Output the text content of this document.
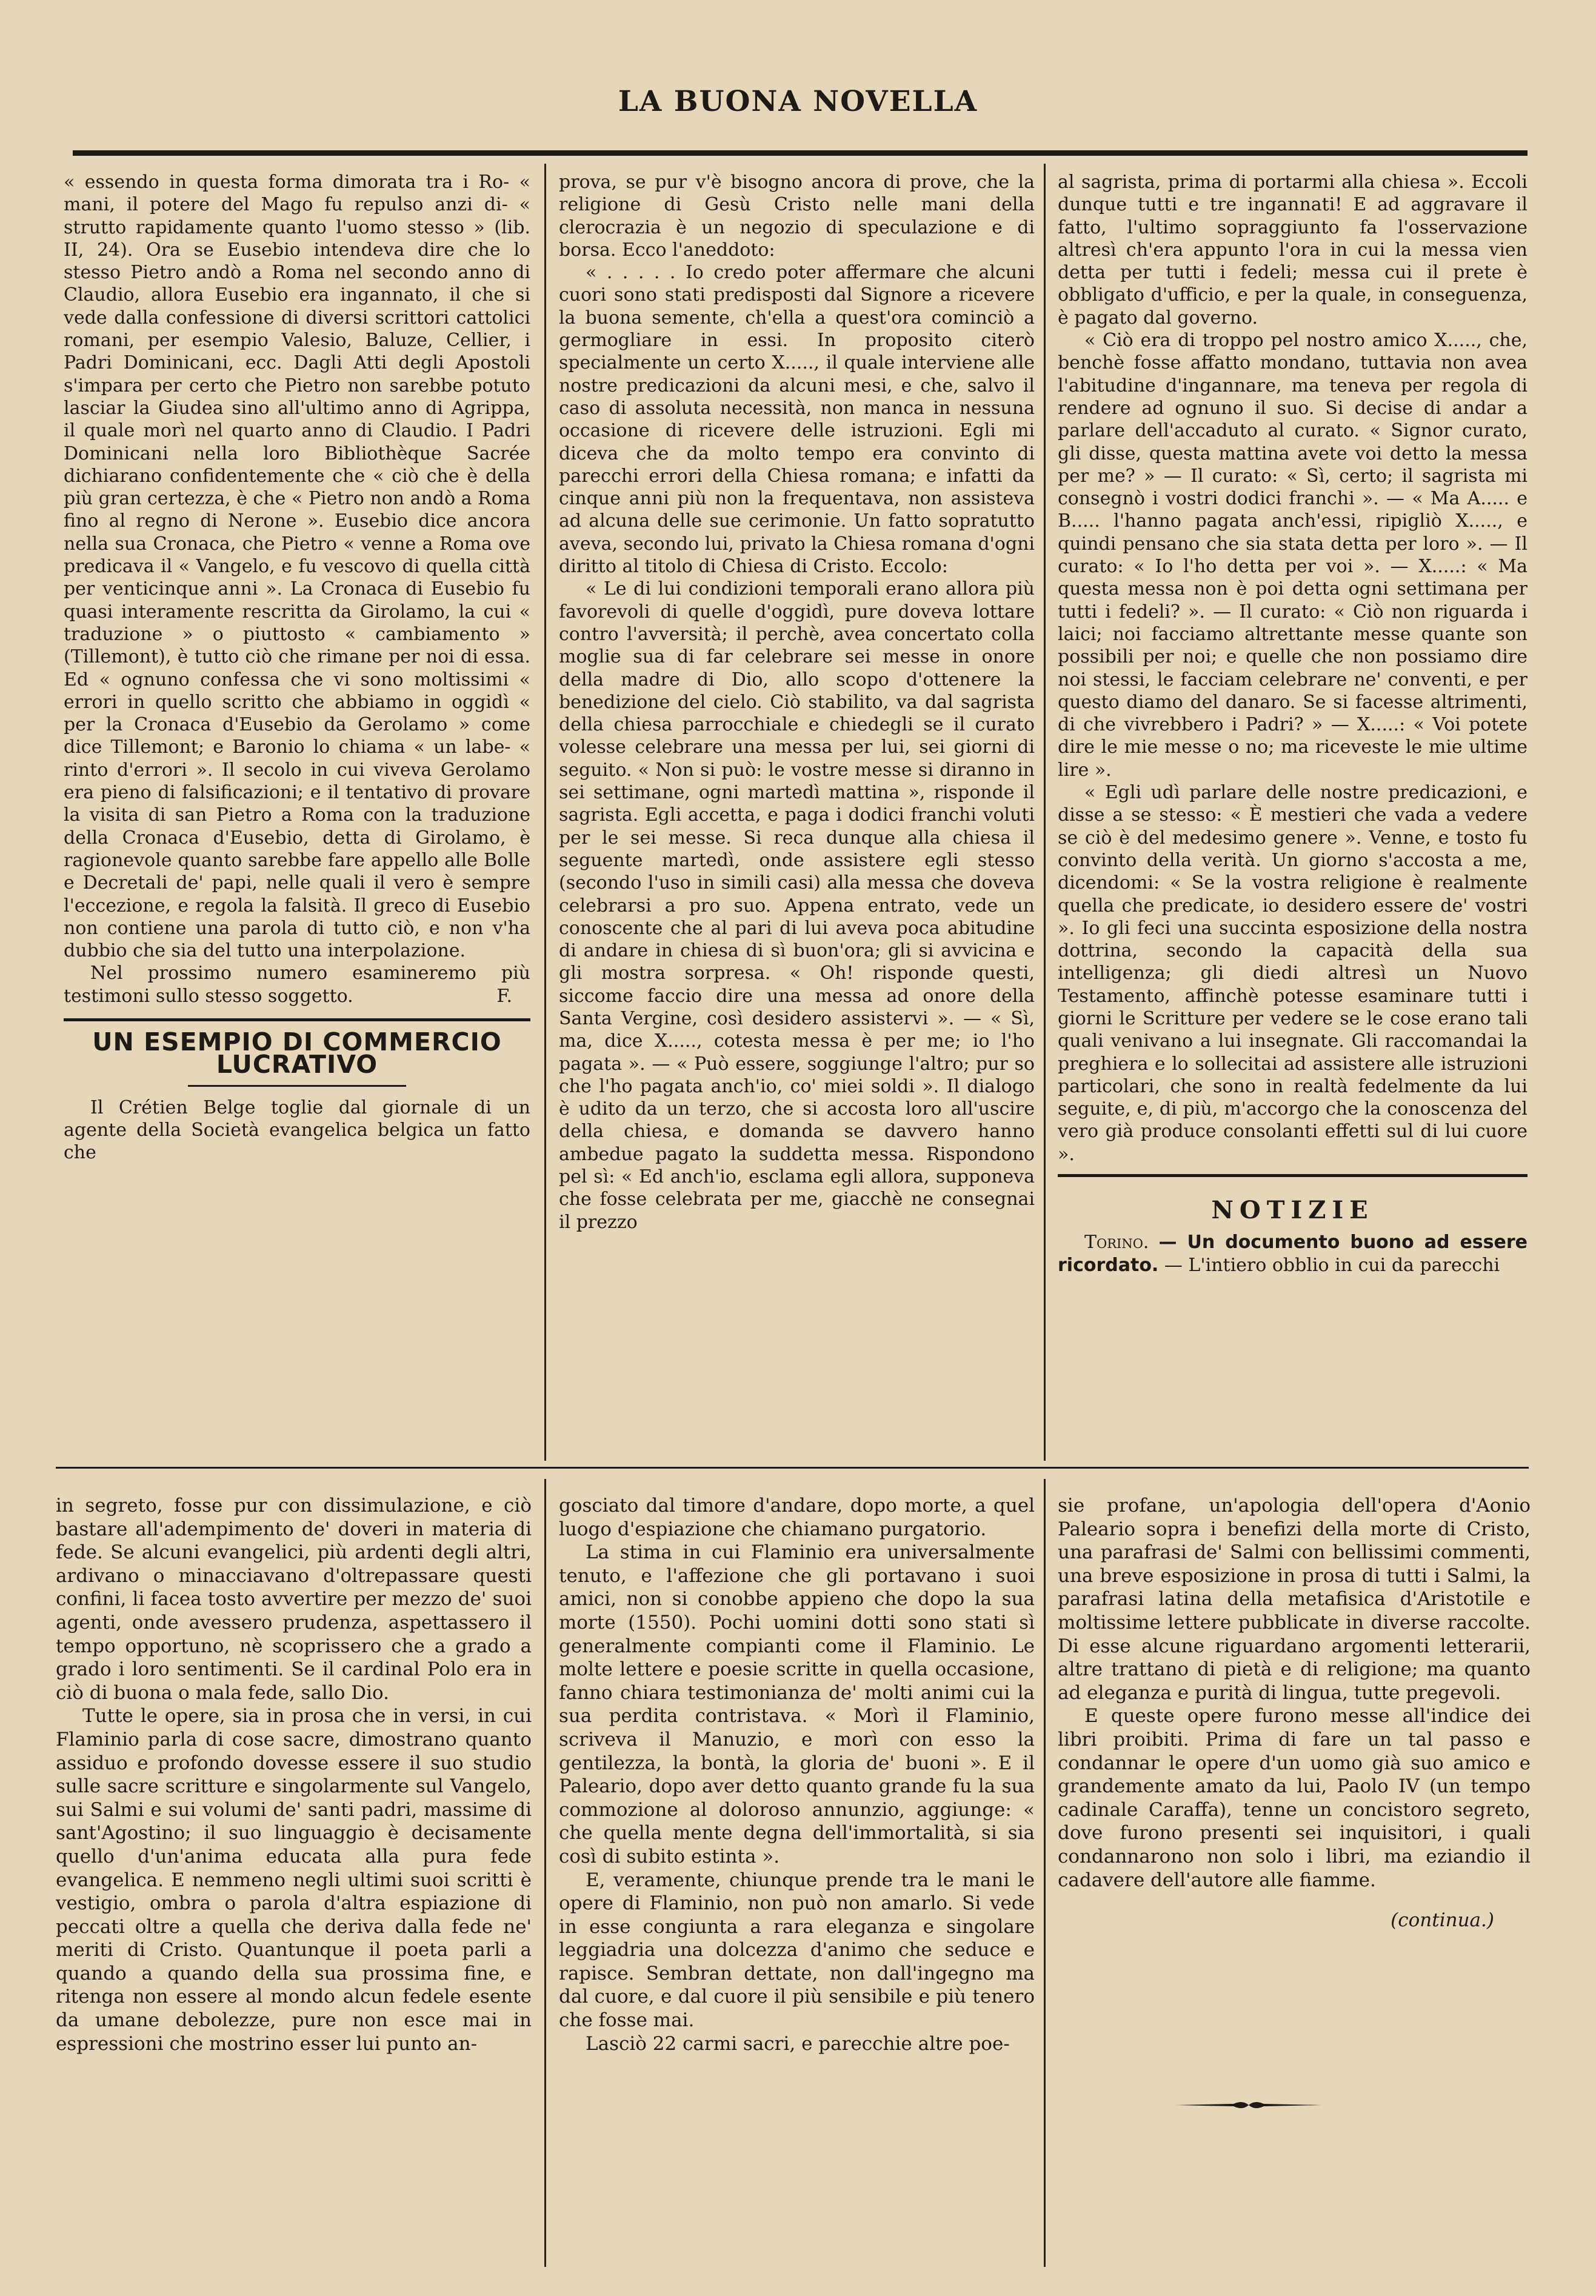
LA BUONA NOVELLA

« essendo in questa forma dimorata tra i Ro- « mani, il potere del Mago fu repulso anzi di- « strutto rapidamente quanto l'uomo stesso » (lib. II, 24). Ora se Eusebio intendeva dire che lo stesso Pietro andò a Roma nel secondo anno di Claudio, allora Eusebio era ingannato, il che si vede dalla confessione di diversi scrittori cattolici romani, per esempio Valesio, Baluze, Cellier, i Padri Dominicani, ecc. Dagli Atti degli Apostoli s'impara per certo che Pietro non sarebbe potuto lasciar la Giudea sino all'ultimo anno di Agrippa, il quale morì nel quarto anno di Claudio. I Padri Dominicani nella loro Bibliothèque Sacrée dichiarano confidentemente che « ciò che è della più gran certezza, è che « Pietro non andò a Roma fino al regno di Nerone ». Eusebio dice ancora nella sua Cronaca, che Pietro « venne a Roma ove predicava il « Vangelo, e fu vescovo di quella città per venticinque anni ». La Cronaca di Eusebio fu quasi interamente rescritta da Girolamo, la cui « traduzione » o piuttosto « cambiamento » (Tillemont), è tutto ciò che rimane per noi di essa. Ed « ognuno confessa che vi sono moltissimi « errori in quello scritto che abbiamo in oggidì « per la Cronaca d'Eusebio da Gerolamo » come dice Tillemont; e Baronio lo chiama « un labe- « rinto d'errori ». Il secolo in cui viveva Gerolamo era pieno di falsificazioni; e il tentativo di provare la visita di san Pietro a Roma con la traduzione della Cronaca d'Eusebio, detta di Girolamo, è ragionevole quanto sarebbe fare appello alle Bolle e Decretali de' papi, nelle quali il vero è sempre l'eccezione, e regola la falsità. Il greco di Eusebio non contiene una parola di tutto ciò, e non v'ha dubbio che sia del tutto una interpolazione.

Nel prossimo numero esamineremo più testimoni sullo stesso soggetto.	F.

UN ESEMPIO DI COMMERCIO LUCRATIVO

Il Crétien Belge toglie dal giornale di un agente della Società evangelica belgica un fatto che

prova, se pur v'è bisogno ancora di prove, che la religione di Gesù Cristo nelle mani della clerocrazia è un negozio di speculazione e di borsa. Ecco l'aneddoto:

« . . . . . Io credo poter affermare che alcuni cuori sono stati predisposti dal Signore a ricevere la buona semente, ch'ella a quest'ora cominciò a germogliare in essi. In proposito citerò specialmente un certo X....., il quale interviene alle nostre predicazioni da alcuni mesi, e che, salvo il caso di assoluta necessità, non manca in nessuna occasione di ricevere delle istruzioni. Egli mi diceva che da molto tempo era convinto di parecchi errori della Chiesa romana; e infatti da cinque anni più non la frequentava, non assisteva ad alcuna delle sue cerimonie. Un fatto sopratutto aveva, secondo lui, privato la Chiesa romana d'ogni diritto al titolo di Chiesa di Cristo. Eccolo:

« Le di lui condizioni temporali erano allora più favorevoli di quelle d'oggidì, pure doveva lottare contro l'avversità; il perchè, avea concertato colla moglie sua di far celebrare sei messe in onore della madre di Dio, allo scopo d'ottenere la benedizione del cielo. Ciò stabilito, va dal sagrista della chiesa parrocchiale e chiedegli se il curato volesse celebrare una messa per lui, sei giorni di seguito. « Non si può: le vostre messe si diranno in sei settimane, ogni martedì mattina », risponde il sagrista. Egli accetta, e paga i dodici franchi voluti per le sei messe. Si reca dunque alla chiesa il seguente martedì, onde assistere egli stesso (secondo l'uso in simili casi) alla messa che doveva celebrarsi a pro suo. Appena entrato, vede un conoscente che al pari di lui aveva poca abitudine di andare in chiesa di sì buon'ora; gli si avvicina e gli mostra sorpresa. « Oh! risponde questi, siccome faccio dire una messa ad onore della Santa Vergine, così desidero assistervi ». — « Sì, ma, dice X....., cotesta messa è per me; io l'ho pagata ». — « Può essere, soggiunge l'altro; pur so che l'ho pagata anch'io, co' miei soldi ». Il dialogo è udito da un terzo, che si accosta loro all'uscire della chiesa, e domanda se davvero hanno ambedue pagato la suddetta messa. Rispondono pel sì: « Ed anch'io, esclama egli allora, supponeva che fosse celebrata per me, giacchè ne consegnai il prezzo

al sagrista, prima di portarmi alla chiesa ». Eccoli dunque tutti e tre ingannati! E ad aggravare il fatto, l'ultimo sopraggiunto fa l'osservazione altresì ch'era appunto l'ora in cui la messa vien detta per tutti i fedeli; messa cui il prete è obbligato d'ufficio, e per la quale, in conseguenza, è pagato dal governo.

« Ciò era di troppo pel nostro amico X....., che, benchè fosse affatto mondano, tuttavia non avea l'abitudine d'ingannare, ma teneva per regola di rendere ad ognuno il suo. Si decise di andar a parlare dell'accaduto al curato. « Signor curato, gli disse, questa mattina avete voi detto la messa per me? » — Il curato: « Sì, certo; il sagrista mi consegnò i vostri dodici franchi ». — « Ma A..... e B..... l'hanno pagata anch'essi, ripigliò X....., e quindi pensano che sia stata detta per loro ». — Il curato: « Io l'ho detta per voi ». — X.....: « Ma questa messa non è poi detta ogni settimana per tutti i fedeli? ». — Il curato: « Ciò non riguarda i laici; noi facciamo altrettante messe quante son possibili per noi; e quelle che non possiamo dire noi stessi, le facciam celebrare ne' conventi, e per questo diamo del danaro. Se si facesse altrimenti, di che vivrebbero i Padri? » — X.....: « Voi potete dire le mie messe o no; ma riceveste le mie ultime lire ».

« Egli udì parlare delle nostre predicazioni, e disse a se stesso: « È mestieri che vada a vedere se ciò è del medesimo genere ». Venne, e tosto fu convinto della verità. Un giorno s'accosta a me, dicendomi: « Se la vostra religione è realmente quella che predicate, io desidero essere de' vostri ». Io gli feci una succinta esposizione della nostra dottrina, secondo la capacità della sua intelligenza; gli diedi altresì un Nuovo Testamento, affinchè potesse esaminare tutti i giorni le Scritture per vedere se le cose erano tali quali venivano a lui insegnate. Gli raccomandai la preghiera e lo sollecitai ad assistere alle istruzioni particolari, che sono in realtà fedelmente da lui seguite, e, di più, m'accorgo che la conoscenza del vero già produce consolanti effetti sul di lui cuore ».

NOTIZIE

Torino. — Un documento buono ad essere ricordato. — L'intiero obblio in cui da parecchi

in segreto, fosse pur con dissimulazione, e ciò bastare all'adempimento de' doveri in materia di fede. Se alcuni evangelici, più ardenti degli altri, ardivano o minacciavano d'oltrepassare questi confini, li facea tosto avvertire per mezzo de' suoi agenti, onde avessero prudenza, aspettassero il tempo opportuno, nè scoprissero che a grado a grado i loro sentimenti. Se il cardinal Polo era in ciò di buona o mala fede, sallo Dio.

Tutte le opere, sia in prosa che in versi, in cui Flaminio parla di cose sacre, dimostrano quanto assiduo e profondo dovesse essere il suo studio sulle sacre scritture e singolarmente sul Vangelo, sui Salmi e sui volumi de' santi padri, massime di sant'Agostino; il suo linguaggio è decisamente quello d'un'anima educata alla pura fede evangelica. E nemmeno negli ultimi suoi scritti è vestigio, ombra o parola d'altra espiazione di peccati oltre a quella che deriva dalla fede ne' meriti di Cristo. Quantunque il poeta parli a quando a quando della sua prossima fine, e ritenga non essere al mondo alcun fedele esente da umane debolezze, pure non esce mai in espressioni che mostrino esser lui punto an-

gosciato dal timore d'andare, dopo morte, a quel luogo d'espiazione che chiamano purgatorio.

La stima in cui Flaminio era universalmente tenuto, e l'affezione che gli portavano i suoi amici, non si conobbe appieno che dopo la sua morte (1550). Pochi uomini dotti sono stati sì generalmente compianti come il Flaminio. Le molte lettere e poesie scritte in quella occasione, fanno chiara testimonianza de' molti animi cui la sua perdita contristava. « Morì il Flaminio, scriveva il Manuzio, e morì con esso la gentilezza, la bontà, la gloria de' buoni ». E il Paleario, dopo aver detto quanto grande fu la sua commozione al doloroso annunzio, aggiunge: « che quella mente degna dell'immortalità, si sia così di subito estinta ».

E, veramente, chiunque prende tra le mani le opere di Flaminio, non può non amarlo. Si vede in esse congiunta a rara eleganza e singolare leggiadria una dolcezza d'animo che seduce e rapisce. Sembran dettate, non dall'ingegno ma dal cuore, e dal cuore il più sensibile e più tenero che fosse mai.

Lasciò 22 carmi sacri, e parecchie altre poe-

sie profane, un'apologia dell'opera d'Aonio Paleario sopra i benefizi della morte di Cristo, una parafrasi de' Salmi con bellissimi commenti, una breve esposizione in prosa di tutti i Salmi, la parafrasi latina della metafisica d'Aristotile e moltissime lettere pubblicate in diverse raccolte. Di esse alcune riguardano argomenti letterarii, altre trattano di pietà e di religione; ma quanto ad eleganza e purità di lingua, tutte pregevoli.

E queste opere furono messe all'indice dei libri proibiti. Prima di fare un tal passo e condannar le opere d'un uomo già suo amico e grandemente amato da lui, Paolo IV (un tempo cadinale Caraffa), tenne un concistoro segreto, dove furono presenti sei inquisitori, i quali condannarono non solo i libri, ma eziandio il cadavere dell'autore alle fiamme.

(continua.)
